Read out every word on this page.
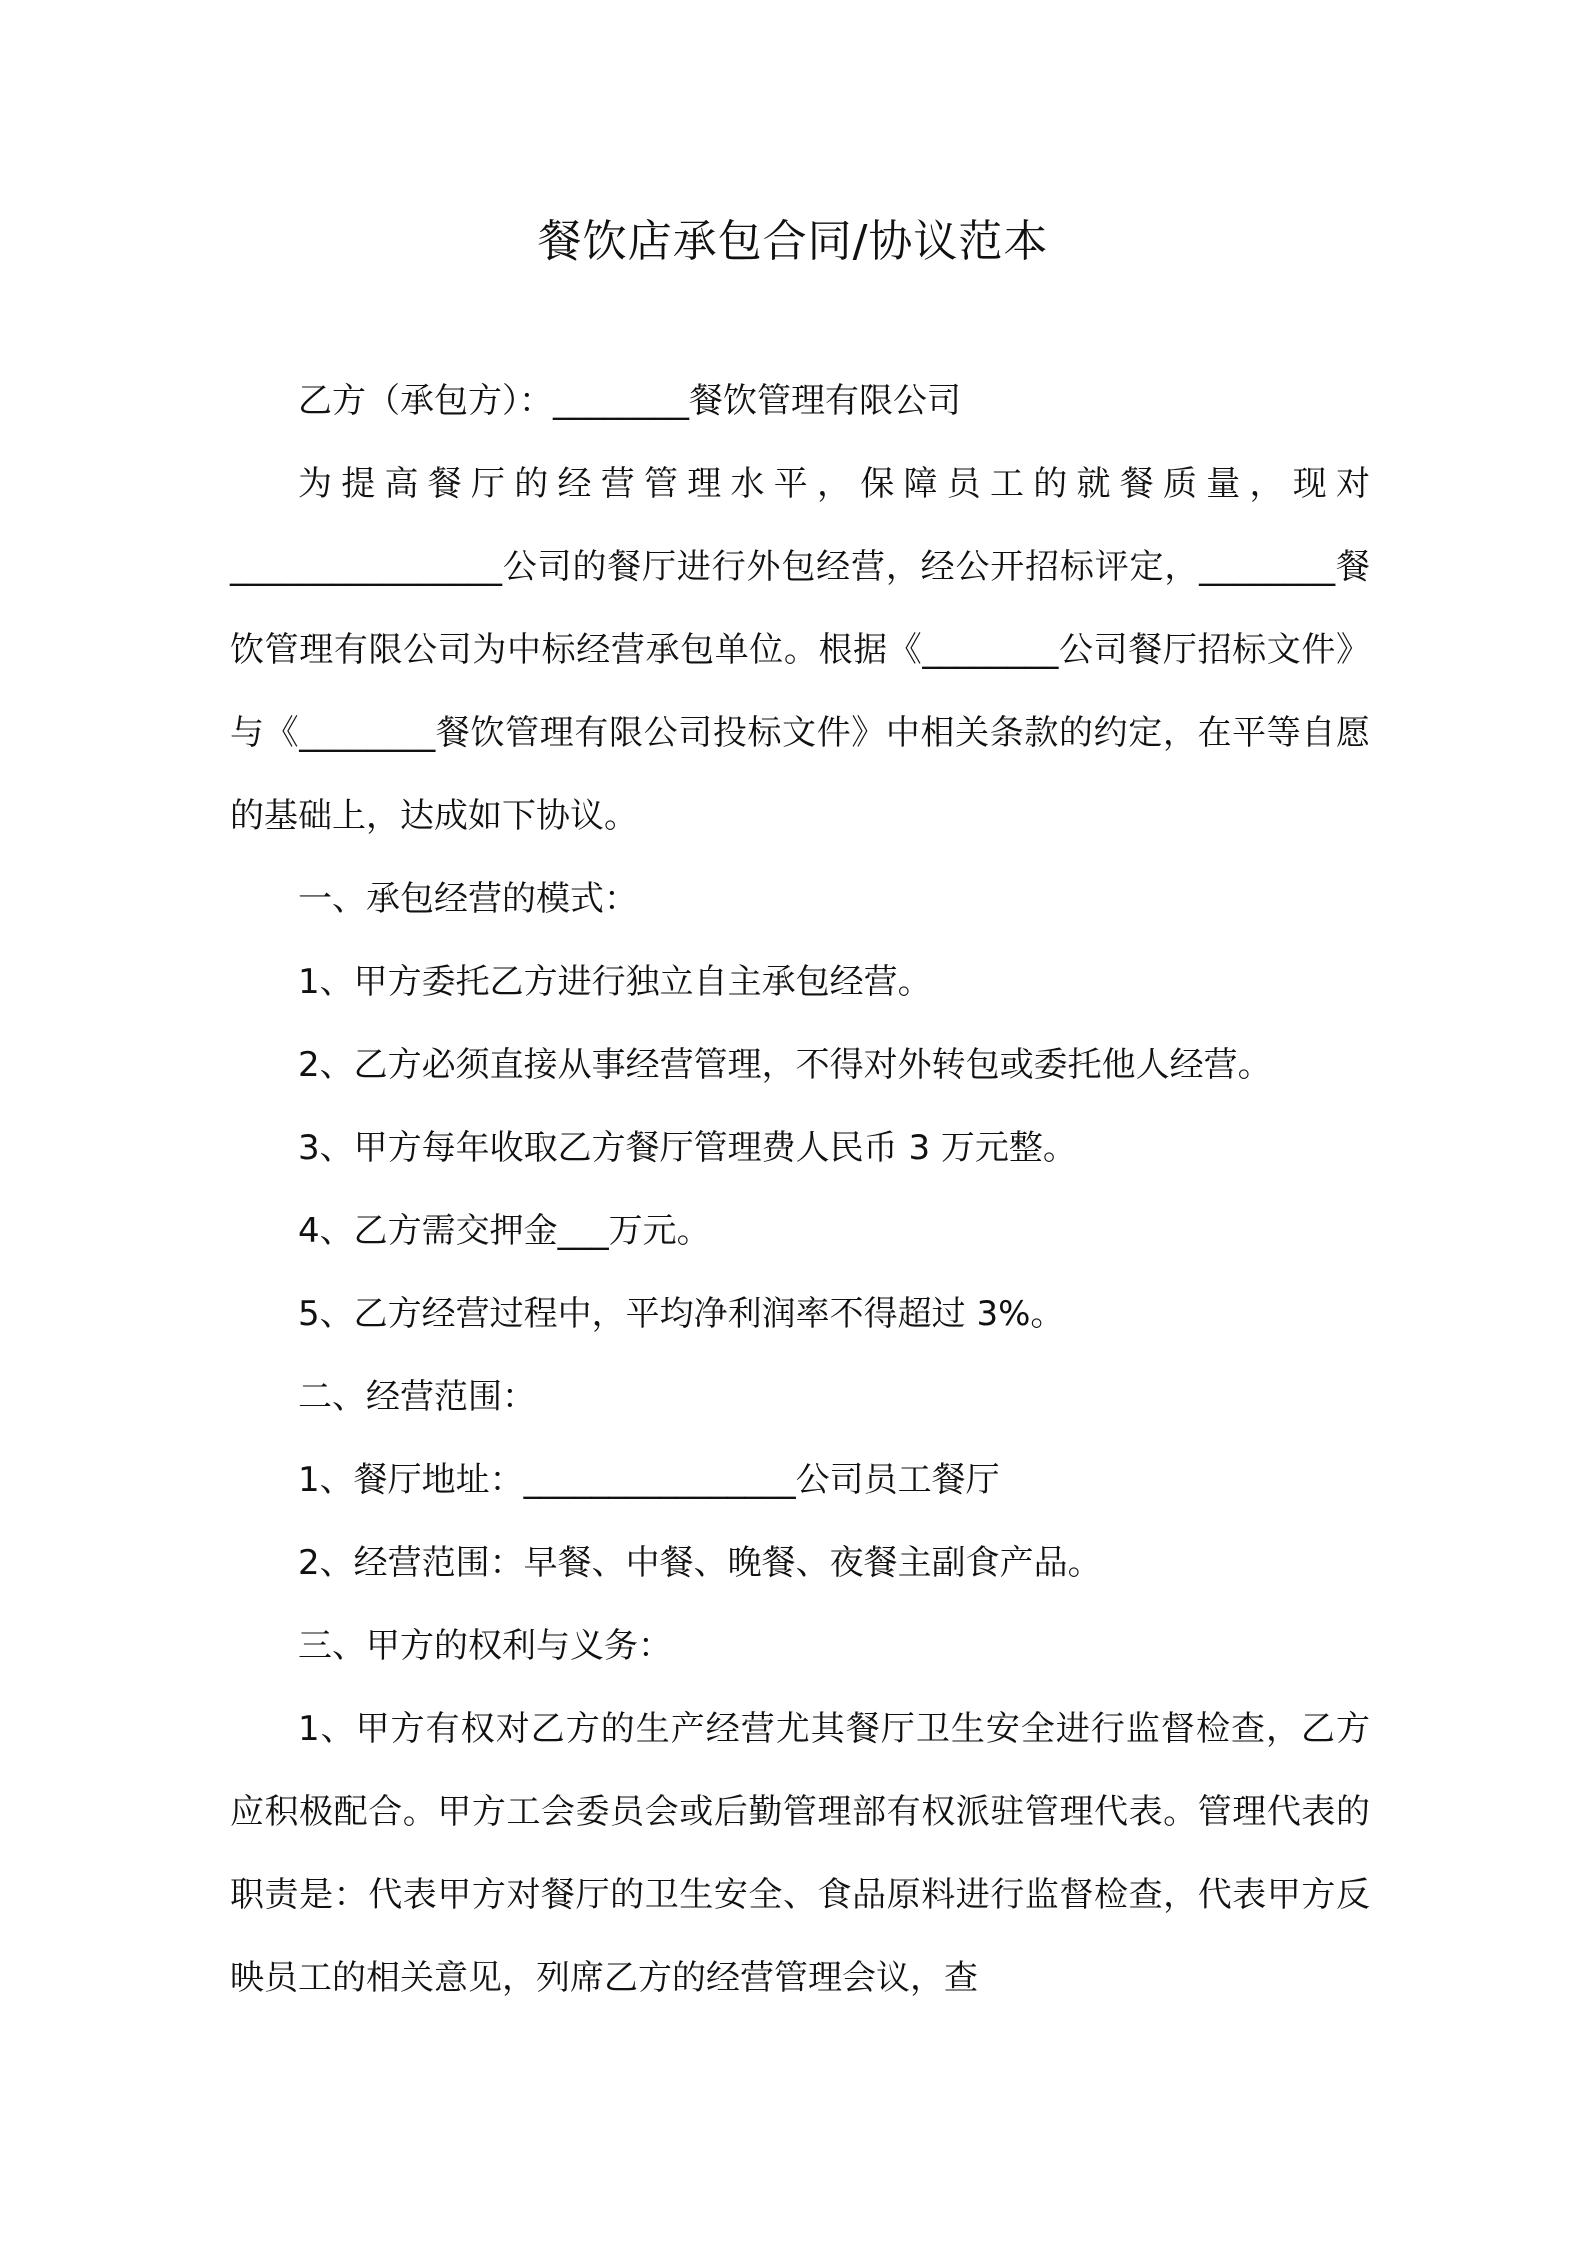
餐饮店承包合同/协议范本

乙方（承包方）：________餐饮管理有限公司

为提高餐厅的经营管理水平，保障员工的就餐质量，现对________________公司的餐厅进行外包经营，经公开招标评定，________餐饮管理有限公司为中标经营承包单位。根据《________公司餐厅招标文件》与《________餐饮管理有限公司投标文件》中相关条款的约定，在平等自愿的基础上，达成如下协议。

一、承包经营的模式：

1、甲方委托乙方进行独立自主承包经营。

2、乙方必须直接从事经营管理，不得对外转包或委托他人经营。

3、甲方每年收取乙方餐厅管理费人民币 3 万元整。

4、乙方需交押金___万元。

5、乙方经营过程中，平均净利润率不得超过 3%。

二、经营范围：

1、餐厅地址：________________公司员工餐厅

2、经营范围：早餐、中餐、晚餐、夜餐主副食产品。

三、甲方的权利与义务：

1、甲方有权对乙方的生产经营尤其餐厅卫生安全进行监督检查，乙方应积极配合。甲方工会委员会或后勤管理部有权派驻管理代表。管理代表的职责是：代表甲方对餐厅的卫生安全、食品原料进行监督检查，代表甲方反映员工的相关意见，列席乙方的经营管理会议，查
